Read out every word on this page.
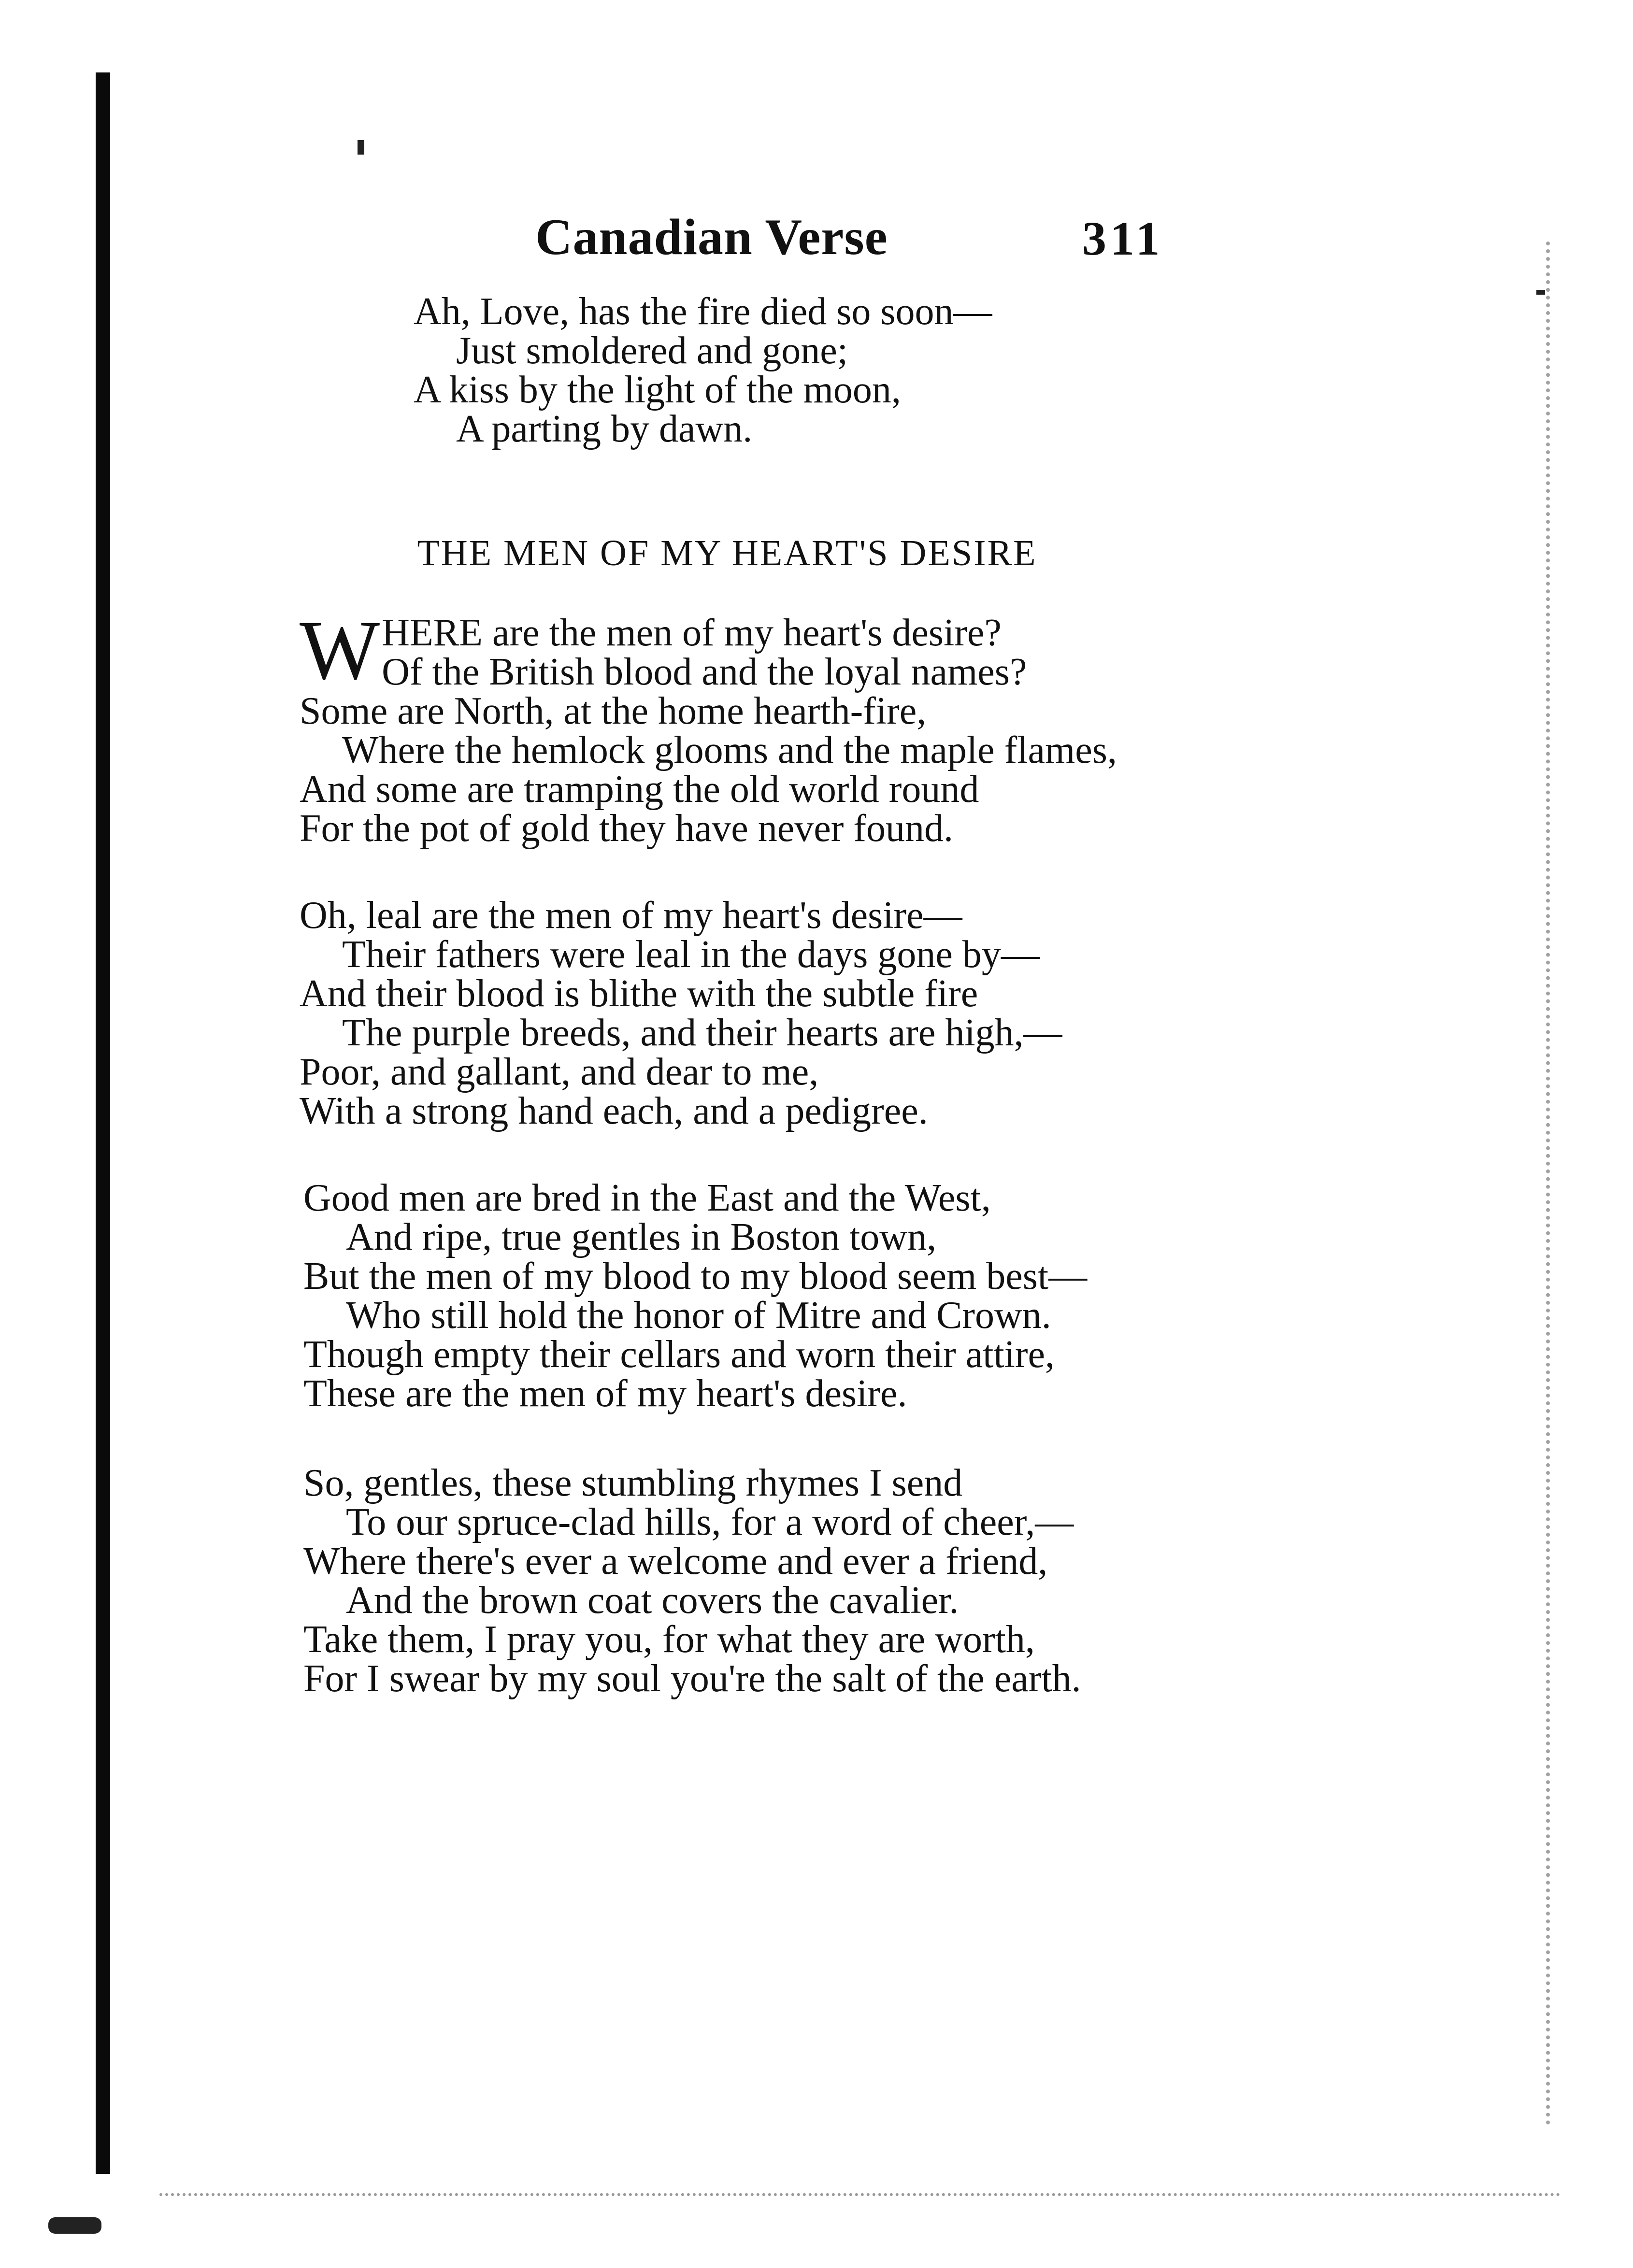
Canadian Verse	311
Ah, Love, has the fire died so soon—
Just smoldered and gone;
A kiss by the light of the moon,
A parting by dawn.
THE MEN OF MY HEART'S DESIRE
W HERE are the men of my heart's desire?
Of the British blood and the loyal names?
Some are North, at the home hearth-fire,
Where the hemlock glooms and the maple flames,
And some are tramping the old world round
For the pot of gold they have never found.
Oh, leal are the men of my heart's desire—
Their fathers were leal in the days gone by—
And their blood is blithe with the subtle fire
The purple breeds, and their hearts are high,—
Poor, and gallant, and dear to me,
With a strong hand each, and a pedigree.
Good men are bred in the East and the West,
And ripe, true gentles in Boston town,
But the men of my blood to my blood seem best—
Who still hold the honor of Mitre and Crown.
Though empty their cellars and worn their attire,
These are the men of my heart's desire.
So, gentles, these stumbling rhymes I send
To our spruce-clad hills, for a word of cheer,—
Where there's ever a welcome and ever a friend,
And the brown coat covers the cavalier.
Take them, I pray you, for what they are worth,
For I swear by my soul you're the salt of the earth.
